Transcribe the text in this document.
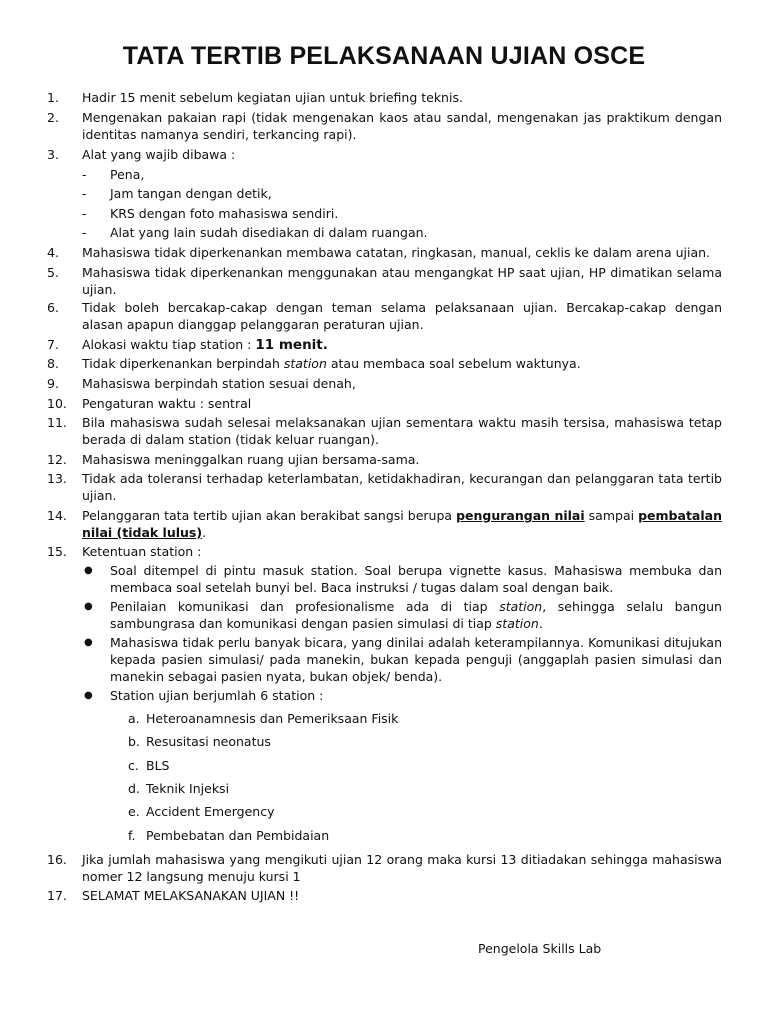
TATA TERTIB PELAKSANAAN UJIAN OSCE
1.	Hadir 15 menit sebelum kegiatan ujian untuk briefing teknis.
2.	Mengenakan pakaian rapi (tidak mengenakan kaos atau sandal, mengenakan jas praktikum dengan identitas namanya sendiri, terkancing rapi).
3.	Alat yang wajib dibawa :
- Pena,
- Jam tangan dengan detik,
- KRS dengan foto mahasiswa sendiri.
- Alat yang lain sudah disediakan di dalam ruangan.
4.	Mahasiswa tidak diperkenankan membawa catatan, ringkasan, manual, ceklis ke dalam arena ujian.
5.	Mahasiswa tidak diperkenankan menggunakan atau mengangkat HP saat ujian, HP dimatikan selama ujian.
6.	Tidak boleh bercakap-cakap dengan teman selama pelaksanaan ujian. Bercakap-cakap dengan alasan apapun dianggap pelanggaran peraturan ujian.
7.	Alokasi waktu tiap station : 11 menit.
8.	Tidak diperkenankan berpindah station atau membaca soal sebelum waktunya.
9.	Mahasiswa berpindah station sesuai denah,
10.	Pengaturan waktu : sentral
11.	Bila mahasiswa sudah selesai melaksanakan ujian sementara waktu masih tersisa, mahasiswa tetap berada di dalam station (tidak keluar ruangan).
12.	Mahasiswa meninggalkan ruang ujian bersama-sama.
13.	Tidak ada toleransi terhadap keterlambatan, ketidakhadiran, kecurangan dan pelanggaran tata tertib ujian.
14.	Pelanggaran tata tertib ujian akan berakibat sangsi berupa pengurangan nilai sampai pembatalan nilai (tidak lulus).
15.	Ketentuan station :
● Soal ditempel di pintu masuk station. Soal berupa vignette kasus. Mahasiswa membuka dan membaca soal setelah bunyi bel. Baca instruksi / tugas dalam soal dengan baik.
● Penilaian komunikasi dan profesionalisme ada di tiap station, sehingga selalu bangun sambungrasa dan komunikasi dengan pasien simulasi di tiap station.
● Mahasiswa tidak perlu banyak bicara, yang dinilai adalah keterampilannya. Komunikasi ditujukan kepada pasien simulasi/ pada manekin, bukan kepada penguji (anggaplah pasien simulasi dan manekin sebagai pasien nyata, bukan objek/ benda).
● Station ujian berjumlah 6 station :
a. Heteroanamnesis dan Pemeriksaan Fisik
b. Resusitasi neonatus
c. BLS
d. Teknik Injeksi
e. Accident Emergency
f. Pembebatan dan Pembidaian
16.	Jika jumlah mahasiswa yang mengikuti ujian 12 orang maka kursi 13 ditiadakan sehingga mahasiswa nomer 12 langsung menuju kursi 1
17.	SELAMAT MELAKSANAKAN UJIAN !!
Pengelola Skills Lab
